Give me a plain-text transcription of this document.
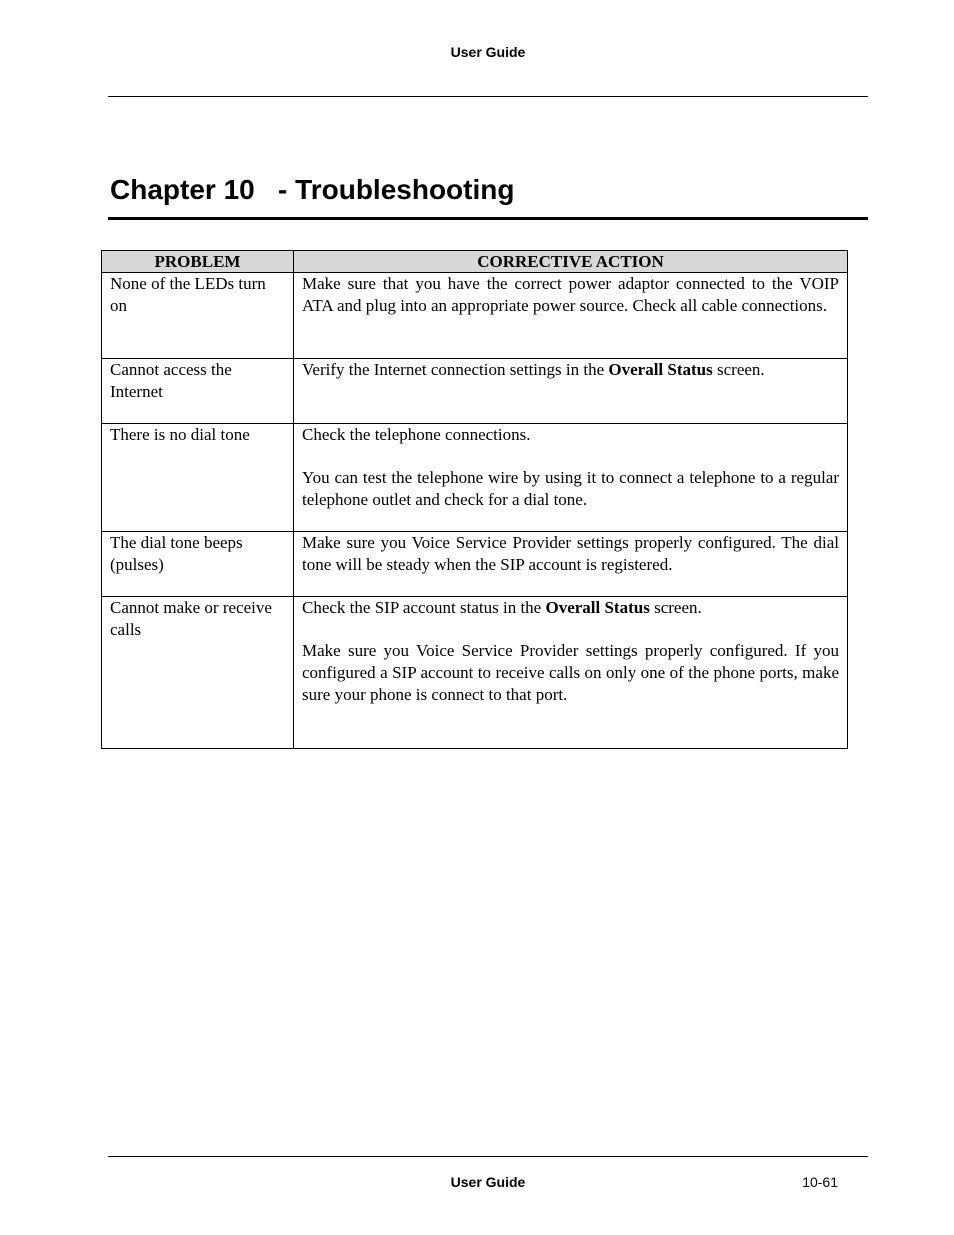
User Guide
Chapter 10   - Troubleshooting
PROBLEM	CORRECTIVE ACTION
None of the LEDs turn on	Make sure that you have the correct power adaptor connected to the VOIP ATA and plug into an appropriate power source. Check all cable connections.

Cannot access the Internet	Verify the Internet connection settings in the Overall Status screen.

There is no dial tone	Check the telephone connections.

You can test the telephone wire by using it to connect a telephone to a regular telephone outlet and check for a dial tone.

The dial tone beeps (pulses)	Make sure you Voice Service Provider settings properly configured. The dial tone will be steady when the SIP account is registered.

Cannot make or receive calls	Check the SIP account status in the Overall Status screen.

Make sure you Voice Service Provider settings properly configured. If you configured a SIP account to receive calls on only one of the phone ports, make sure your phone is connect to that port.

User Guide	10-61
